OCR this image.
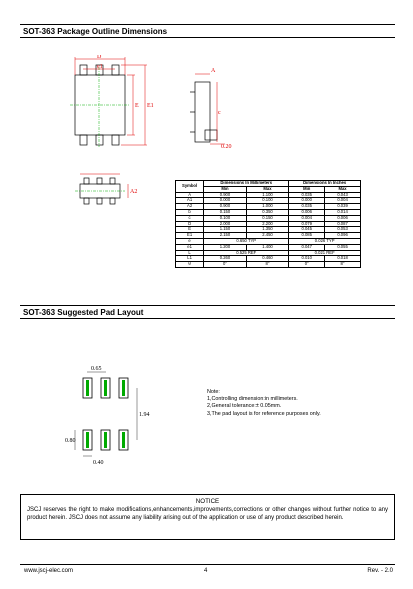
SOT-363 Package Outline Dimensions
D
e1
E E1
A
c
0.20
A2
Symbol	Dimensions In Millimeters		Dimensions In Inches	
	Min	Max	Min	Max
A	0.900	1.100	0.035	0.043
A1	0.000	0.100	0.000	0.004
A2	0.900	1.000	0.035	0.039
b	0.150	0.350	0.006	0.014
c	0.100	0.150	0.004	0.006
D	2.000	2.200	0.079	0.087
E	1.150	1.350	0.045	0.053
E1	2.150	2.450	0.085	0.096
e	0.650 TYP		0.026 TYP	
e1	1.200	1.400	0.047	0.055
L	0.525 REF		0.021 REF	
L1	0.260	0.460	0.010	0.018
θ	0°	8°	0°	8°
SOT-363 Suggested Pad Layout
0.65
1.94
0.80
0.40
Note:
1,Controlling dimension:in millimeters.
2,General tolerance:± 0.05mm.
3,The pad layout is for reference purposes only.
NOTICE
JSCJ reserves the right to make modifications,enhancements,improvements,corrections or other changes without further notice to any product herein. JSCJ does not assume any liability arising out of the application or use of any product described herein.
www.jscj-elec.com	4	Rev. - 2.0
